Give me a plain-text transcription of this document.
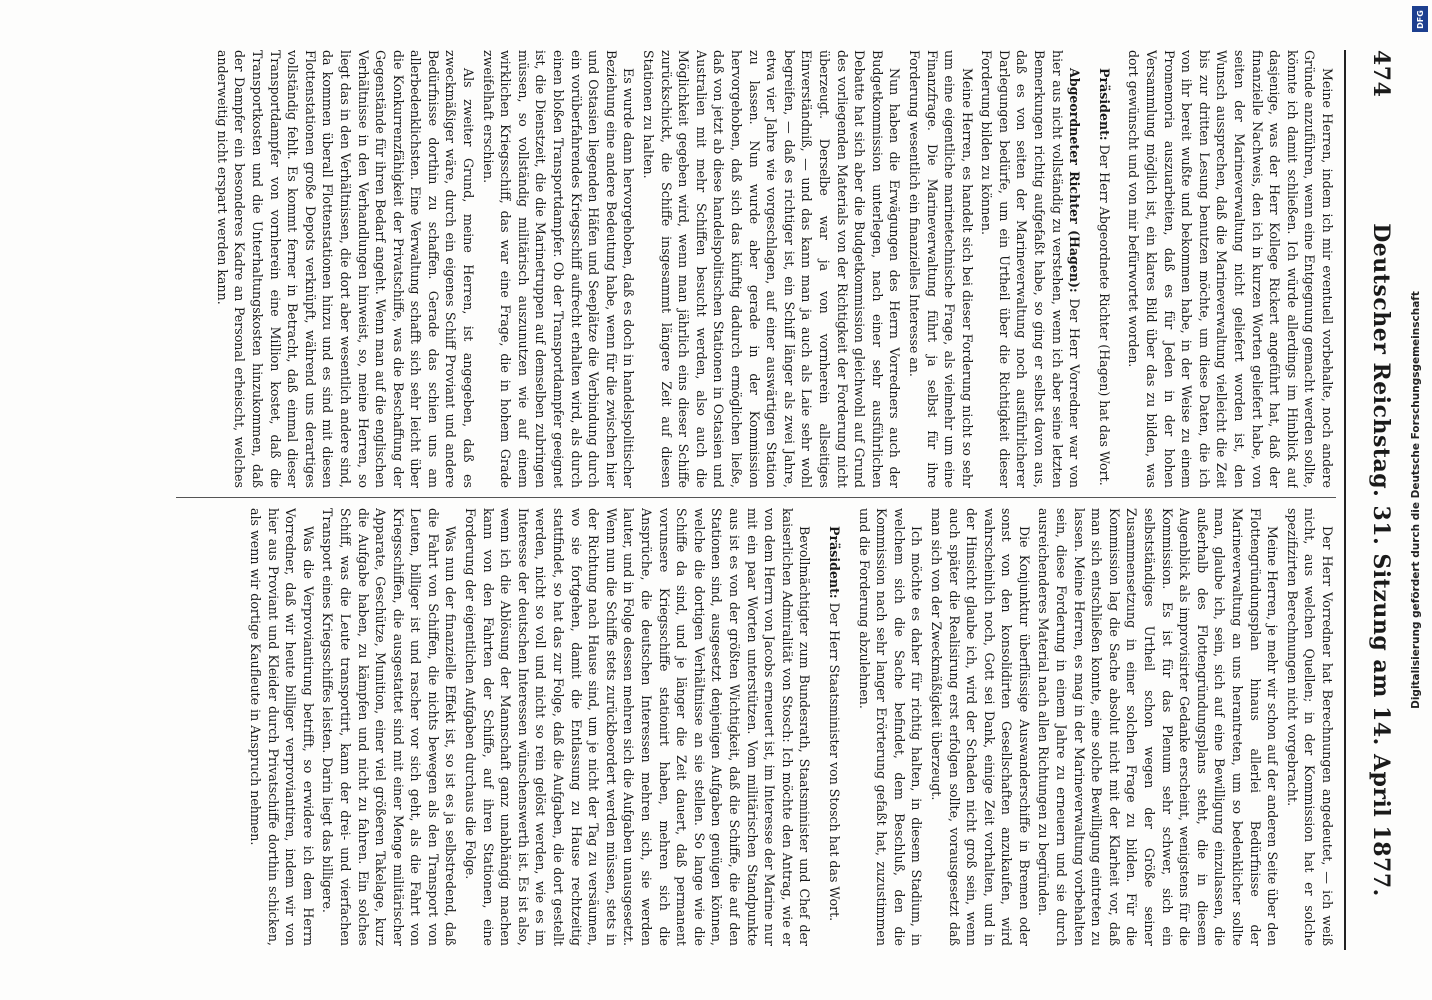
474
Deutscher Reichstag. 31. Sitzung am 14. April 1877.

Meine Herren, indem ich mir eventuell vorbehalte, noch andere Gründe anzuführen, wenn eine Entgegnung gemacht werden sollte, könnte ich damit schließen. Ich würde allerdings im Hinblick auf dasjenige, was der Herr Kollege Rickert angeführt hat, daß der finanzielle Nachweis, den ich in kurzen Worten geliefert habe, von seiten der Marineverwaltung nicht geliefert worden ist, den Wunsch aussprechen, daß die Marineverwaltung vielleicht die Zeit bis zur dritten Lesung benutzen möchte, um diese Daten, die ich von ihr bereit wußte und bekommen habe, in der Weise zu einem Promemoria auszuarbeiten, daß es für Jeden in der hohen Versammlung möglich ist, ein klares Bild über das zu bilden, was dort gewünscht und von mir befürwortet worden.

Präsident: Der Herr Abgeordnete Richter (Hagen) hat das Wort.

Abgeordneter Richter (Hagen): Der Herr Vorredner war von hier aus nicht vollständig zu verstehen, wenn ich aber seine letzten Bemerkungen richtig aufgefaßt habe, so ging er selbst davon aus, daß es von seiten der Marineverwaltung noch ausführlicherer Darlegungen bedürfe, um ein Urtheil über die Richtigkeit dieser Forderung bilden zu können.

Meine Herren, es handelt sich bei dieser Forderung nicht so sehr um eine eigentliche marinetechnische Frage, als vielmehr um eine Finanzfrage. Die Marineverwaltung führt ja selbst für ihre Forderung wesentlich ein finanzielles Interesse an.

Nun haben die Erwägungen des Herrn Vorredners auch der Budgetkommission unterlegen, nach einer sehr ausführlichen Debatte hat sich aber die Budgetkommission gleichwohl auf Grund des vorliegenden Materials von der Richtigkeit der Forderung nicht überzeugt. Derselbe war ja von vornherein allseitiges Einverständniß, — und das kann man ja auch als Laie sehr wohl begreifen, — daß es richtiger ist, ein Schiff länger als zwei Jahre, etwa vier Jahre wie vorgeschlagen, auf einer auswärtigen Station zu lassen. Nun wurde aber gerade in der Kommission hervorgehoben, daß sich das künftig dadurch ermöglichen ließe, daß von jetzt ab diese handelspolitischen Stationen in Ostasien und Australien mit mehr Schiffen besucht werden, also auch die Möglichkeit gegeben wird, wenn man jährlich eins dieser Schiffe zurückschickt, die Schiffe insgesammt längere Zeit auf diesen Stationen zu halten.

Es wurde dann hervorgehoben, daß es doch in handelspolitischer Beziehung eine andere Bedeutung habe, wenn für die zwischen hier und Ostasien liegenden Häfen und Seeplätze die Verbindung durch ein vorüberfahrendes Kriegsschiff aufrecht erhalten wird, als durch einen bloßen Transportdampfer. Ob der Transportdampfer geeignet ist, die Dienstzeit, die die Marinetruppen auf demselben zubringen müssen, so vollständig militärisch auszunutzen wie auf einem wirklichen Kriegsschiff, das war eine Frage, die in hohem Grade zweifelhaft erschien.

Als zweiter Grund, meine Herren, ist angegeben, daß es zweckmäßiger wäre, durch ein eigenes Schiff Proviant und andere Bedürfnisse dorthin zu schaffen. Gerade das schien uns am allerbedenklichsten. Eine Verwaltung schafft sich sehr leicht über die Konkurrenzfähigkeit der Privatschiffe, was die Beschaffung der Gegenstände für ihren Bedarf angeht. Wenn man auf die englischen Verhältnisse in den Verhandlungen hinweist, so, meine Herren, so liegt das in den Verhältnissen, die dort aber wesentlich andere sind, da kommen überall Flottenstationen hinzu und es sind mit diesen Flottenstationen große Depots verknüpft, während uns derartiges vollständig fehlt. Es kommt ferner in Betracht, daß einmal dieser Transportdampfer von vornherein eine Million kostet, daß die Transportkosten und die Unterhaltungskosten hinzukommen, daß der Dampfer ein besonderes Kadre an Personal erheischt, welches anderweitig nicht erspart werden kann.

Der Herr Vorredner hat Berechnungen angedeutet, — ich weiß nicht, aus welchen Quellen; in der Kommission hat er solche spezifizirten Berechnungen nicht vorgebracht.

Meine Herren, je mehr wir schon auf der anderen Seite über den Flottengründungsplan hinaus allerlei Bedürfnisse der Marineverwaltung an uns herantreten, um so bedenklicher sollte man, glaube ich, sein, sich auf eine Bewilligung einzulassen, die außerhalb des Flottengründungsplans steht, die in diesem Augenblick als improvisirter Gedanke erscheint, wenigstens für die Kommission. Es ist für das Plenum sehr schwer, sich ein selbstständiges Urtheil schon wegen der Größe seiner Zusammensetzung in einer solchen Frage zu bilden. Für die Kommission lag die Sache absolut nicht mit der Klarheit vor, daß man sich entschließen konnte, eine solche Bewilligung eintreten zu lassen. Meine Herren, es mag in der Marineverwaltung vorbehalten sein, diese Forderung in einem Jahre zu erneuern und sie durch ausreichenderes Material nach allen Richtungen zu begründen.

Die Konjunktur überflüssige Auswanderschiffe in Bremen oder sonst von den konsolidirten Gesellschaften anzukaufen, wird wahrscheinlich noch, Gott sei Dank, einige Zeit vorhalten, und in der Hinsicht glaube ich, wird der Schaden nicht groß sein, wenn auch später die Realisirung erst erfolgen sollte, vorausgesetzt daß man sich von der Zweckmäßigkeit überzeugt.

Ich möchte es daher für richtig halten, in diesem Stadium, in welchem sich die Sache befindet, dem Beschluß, den die Kommission nach sehr langer Erörterung gefaßt hat, zuzustimmen und die Forderung abzulehnen.

Präsident: Der Herr Staatsminister von Stosch hat das Wort.

Bevollmächtigter zum Bundesrath, Staatsminister und Chef der kaiserlichen Admiralität von Stosch: Ich möchte den Antrag, wie er von dem Herrn von Jacobs erneuert ist, im Interesse der Marine nur mit ein paar Worten unterstützen. Vom militärischen Standpunkte aus ist es von der größten Wichtigkeit, daß die Schiffe, die auf den Stationen sind, ausgesetzt denjenigen Aufgaben genügen können, welche die dortigen Verhältnisse an sie stellen. So lange wie die Schiffe da sind, und je länger die Zeit dauert, daß permanent vorunsere Kriegsschiffe stationirt haben, mehren sich die Ansprüche, die deutschen Interessen mehren sich, sie werden lauter, und in Folge dessen mehren sich die Aufgaben unausgesetzt. Wenn nun die Schiffe stets zurückbeordert werden müssen, stets in der Richtung nach Hause sind, um je nicht der Tag zu versäumen, wo sie fortgehen, damit die Entlassung zu Hause rechtzeitig stattfindet, so hat das zur Folge, daß die Aufgaben, die dort gestellt werden, nicht so voll und nicht so rein gelöst werden, wie es im Interesse der deutschen Interessen wünschenswerth ist. Es ist also, wenn ich die Ablösung der Mannschaft ganz unabhängig machen kann von den Fahrten der Schiffe, auf ihren Stationen, eine Forderung der eigentlichen Aufgaben durchaus die Folge.

Was nun der finanzielle Effekt ist, so ist es ja selbstredend, daß die Fahrt von Schiffen, die nichts bewegen als den Transport von Leuten, billiger ist und rascher vor sich geht, als die Fahrt von Kriegsschiffen, die ausgestattet sind mit einer Menge militärischer Apparate, Geschütze, Munition, einer viel größeren Takelage, kurz die Aufgabe haben, zu kämpfen und nicht zu fahren. Ein solches Schiff, was die Leute transportirt, kann der drei- und vierfachen Transport eines Kriegsschiffes leisten. Darin liegt das billigere.

Was die Verproviantirung betrifft, so erwidere ich dem Herrn Vorredner, daß wir heute billiger verproviantiren, indem wir von hier aus Proviant und Kleider durch Privatschiffe dorthin schicken, als wenn wir dortige Kaufleute in Anspruch nehmen.	Digitalisierung gefördert durch die Deutsche Forschungsgemeinschaft
DFG
